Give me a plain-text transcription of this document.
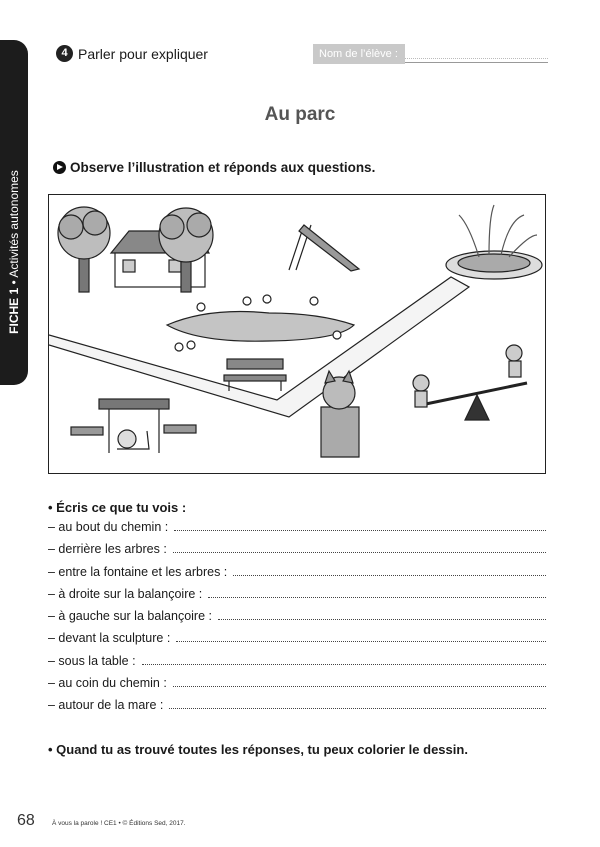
FICHE 1 • Activités autonomes
4 Parler pour expliquer	Nom de l’élève :
Au parc
Observe l’illustration et réponds aux questions.
• Écris ce que tu vois :
– au bout du chemin :
– derrière les arbres :
– entre la fontaine et les arbres :
– à droite sur la balançoire :
– à gauche sur la balançoire :
– devant la sculpture :
– sous la table :
– au coin du chemin :
– autour de la mare :
• Quand tu as trouvé toutes les réponses, tu peux colorier le dessin.
68	À vous la parole ! CE1 • © Éditions Sed, 2017.
